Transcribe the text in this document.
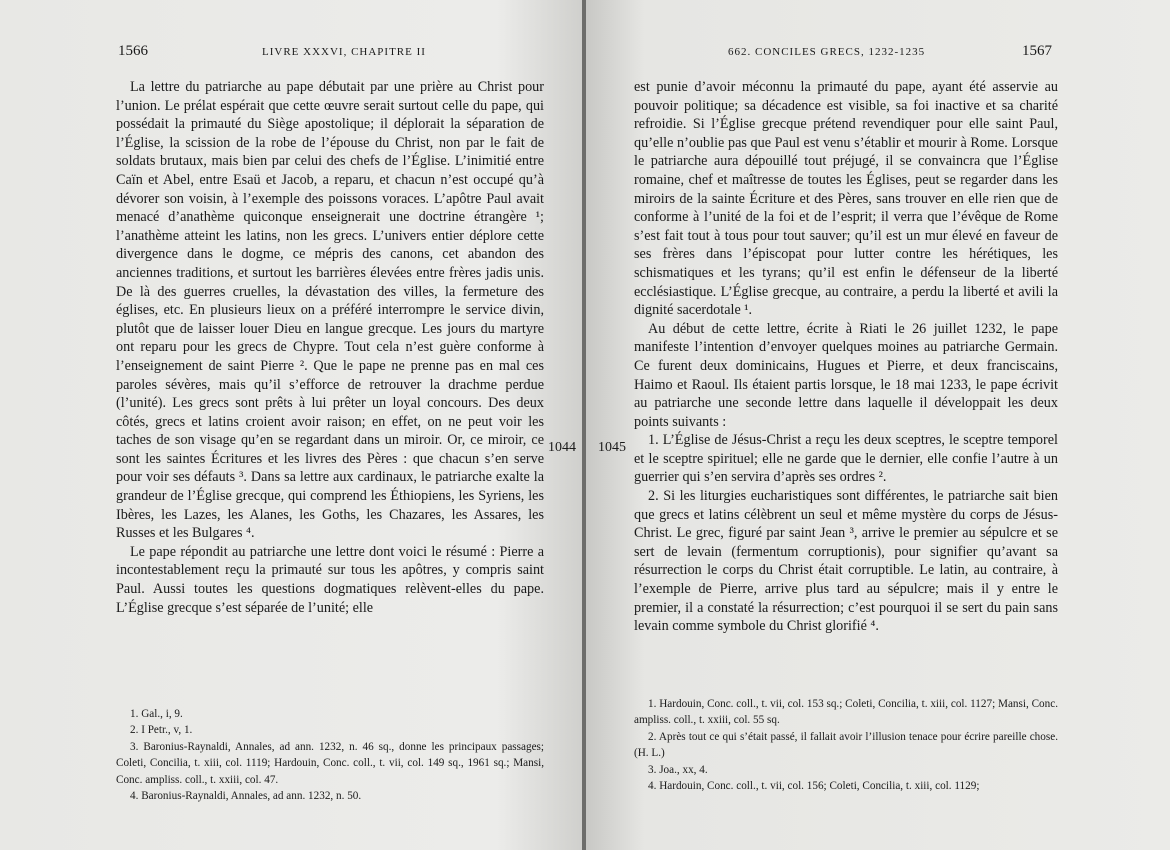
1566	LIVRE XXXVI, CHAPITRE II

La lettre du patriarche au pape débutait par une prière au Christ pour l’union. Le prélat espérait que cette œuvre serait surtout celle du pape, qui possédait la primauté du Siège apostolique; il déplorait la séparation de l’Église, la scission de la robe de l’épouse du Christ, non par le fait de soldats brutaux, mais bien par celui des chefs de l’Église. L’inimitié entre Caïn et Abel, entre Esaü et Jacob, a reparu, et chacun n’est occupé qu’à dévorer son voisin, à l’exemple des poissons voraces. L’apôtre Paul avait menacé d’anathème quiconque enseignerait une doctrine étrangère ¹; l’anathème atteint les latins, non les grecs. L’univers entier déplore cette divergence dans le dogme, ce mépris des canons, cet abandon des anciennes traditions, et surtout les barrières élevées entre frères jadis unis. De là des guerres cruelles, la dévastation des villes, la fermeture des églises, etc. En plusieurs lieux on a préféré interrompre le service divin, plutôt que de laisser louer Dieu en langue grecque. Les jours du martyre ont reparu pour les grecs de Chypre. Tout cela n’est guère conforme à l’enseignement de saint Pierre ². Que le pape ne prenne pas en mal ces paroles sévères, mais qu’il s’efforce de retrouver la drachme perdue (l’unité). Les grecs sont prêts à lui prêter un loyal concours. Des deux côtés, grecs et latins croient avoir raison; en effet, on ne peut voir les taches de son visage qu’en se regardant dans un miroir. Or, ce miroir, ce sont les saintes Écritures et les livres des Pères : que chacun s’en serve pour voir ses défauts ³. Dans sa lettre aux cardinaux, le patriarche exalte la grandeur de l’Église grecque, qui comprend les Éthiopiens, les Syriens, les Ibères, les Lazes, les Alanes, les Goths, les Chazares, les Assares, les Russes et les Bulgares ⁴.

Le pape répondit au patriarche une lettre dont voici le résumé : Pierre a incontestablement reçu la primauté sur tous les apôtres, y compris saint Paul. Aussi toutes les questions dogmatiques relèvent-elles du pape. L’Église grecque s’est séparée de l’unité; elle

1. Gal., i, 9.
2. I Petr., v, 1.
3. Baronius-Raynaldi, Annales, ad ann. 1232, n. 46 sq., donne les principaux passages; Coleti, Concilia, t. xiii, col. 1119; Hardouin, Conc. coll., t. vii, col. 149 sq., 1961 sq.; Mansi, Conc. ampliss. coll., t. xxiii, col. 47.
4. Baronius-Raynaldi, Annales, ad ann. 1232, n. 50.
1044
662. CONCILES GRECS, 1232-1235	1567
1045

est punie d’avoir méconnu la primauté du pape, ayant été asservie au pouvoir politique; sa décadence est visible, sa foi inactive et sa charité refroidie. Si l’Église grecque prétend revendiquer pour elle saint Paul, qu’elle n’oublie pas que Paul est venu s’établir et mourir à Rome. Lorsque le patriarche aura dépouillé tout préjugé, il se convaincra que l’Église romaine, chef et maîtresse de toutes les Églises, peut se regarder dans les miroirs de la sainte Écriture et des Pères, sans trouver en elle rien que de conforme à l’unité de la foi et de l’esprit; il verra que l’évêque de Rome s’est fait tout à tous pour tout sauver; qu’il est un mur élevé en faveur de ses frères dans l’épiscopat pour lutter contre les hérétiques, les schismatiques et les tyrans; qu’il est enfin le défenseur de la liberté ecclésiastique. L’Église grecque, au contraire, a perdu la liberté et avili la dignité sacerdotale ¹.

Au début de cette lettre, écrite à Riati le 26 juillet 1232, le pape manifeste l’intention d’envoyer quelques moines au patriarche Germain. Ce furent deux dominicains, Hugues et Pierre, et deux franciscains, Haimo et Raoul. Ils étaient partis lorsque, le 18 mai 1233, le pape écrivit au patriarche une seconde lettre dans laquelle il développait les deux points suivants :

1. L’Église de Jésus-Christ a reçu les deux sceptres, le sceptre temporel et le sceptre spirituel; elle ne garde que le dernier, elle confie l’autre à un guerrier qui s’en servira d’après ses ordres ².

2. Si les liturgies eucharistiques sont différentes, le patriarche sait bien que grecs et latins célèbrent un seul et même mystère du corps de Jésus-Christ. Le grec, figuré par saint Jean ³, arrive le premier au sépulcre et se sert de levain (fermentum corruptionis), pour signifier qu’avant sa résurrection le corps du Christ était corruptible. Le latin, au contraire, à l’exemple de Pierre, arrive plus tard au sépulcre; mais il y entre le premier, il a constaté la résurrection; c’est pourquoi il se sert du pain sans levain comme symbole du Christ glorifié ⁴.

1. Hardouin, Conc. coll., t. vii, col. 153 sq.; Coleti, Concilia, t. xiii, col. 1127; Mansi, Conc. ampliss. coll., t. xxiii, col. 55 sq.
2. Après tout ce qui s’était passé, il fallait avoir l’illusion tenace pour écrire pareille chose. (H. L.)
3. Joa., xx, 4.
4. Hardouin, Conc. coll., t. vii, col. 156; Coleti, Concilia, t. xiii, col. 1129;
